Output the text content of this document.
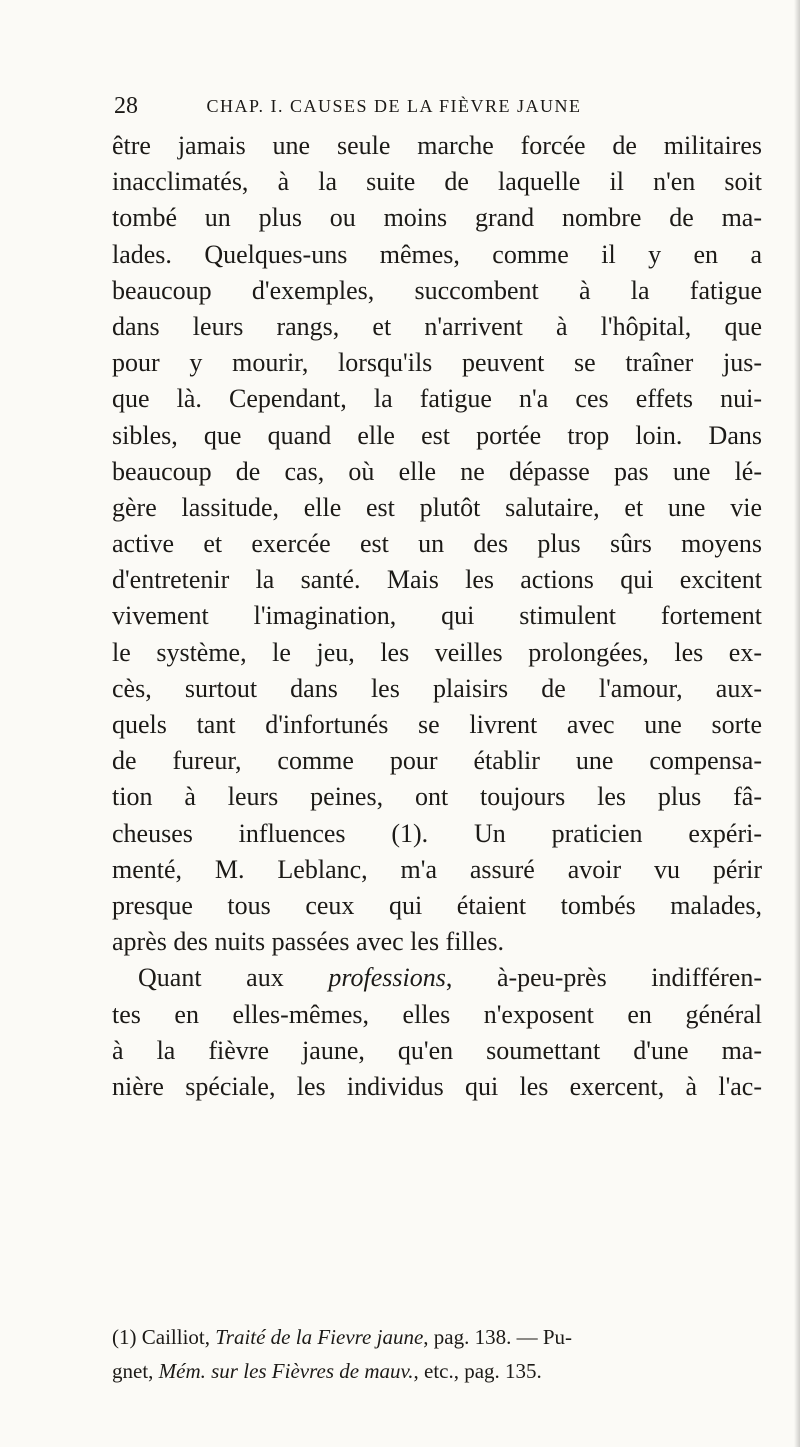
28	CHAP. I. CAUSES DE LA FIÈVRE JAUNE
être jamais une seule marche forcée de militaires
inacclimatés, à la suite de laquelle il n'en soit
tombé un plus ou moins grand nombre de ma-
lades. Quelques-uns mêmes, comme il y en a
beaucoup d'exemples, succombent à la fatigue
dans leurs rangs, et n'arrivent à l'hôpital, que
pour y mourir, lorsqu'ils peuvent se traîner jus-
que là. Cependant, la fatigue n'a ces effets nui-
sibles, que quand elle est portée trop loin. Dans
beaucoup de cas, où elle ne dépasse pas une lé-
gère lassitude, elle est plutôt salutaire, et une vie
active et exercée est un des plus sûrs moyens
d'entretenir la santé. Mais les actions qui excitent
vivement l'imagination, qui stimulent fortement
le système, le jeu, les veilles prolongées, les ex-
cès, surtout dans les plaisirs de l'amour, aux-
quels tant d'infortunés se livrent avec une sorte
de fureur, comme pour établir une compensa-
tion à leurs peines, ont toujours les plus fâ-
cheuses influences (1). Un praticien expéri-
menté, M. Leblanc, m'a assuré avoir vu périr
presque tous ceux qui étaient tombés malades,
après des nuits passées avec les filles.
Quant aux professions, à-peu-près indifféren-
tes en elles-mêmes, elles n'exposent en général
à la fièvre jaune, qu'en soumettant d'une ma-
nière spéciale, les individus qui les exercent, à l'ac-
(1) Cailliot, Traité de la Fievre jaune, pag. 138. — Pu-
gnet, Mém. sur les Fièvres de mauv., etc., pag. 135.
